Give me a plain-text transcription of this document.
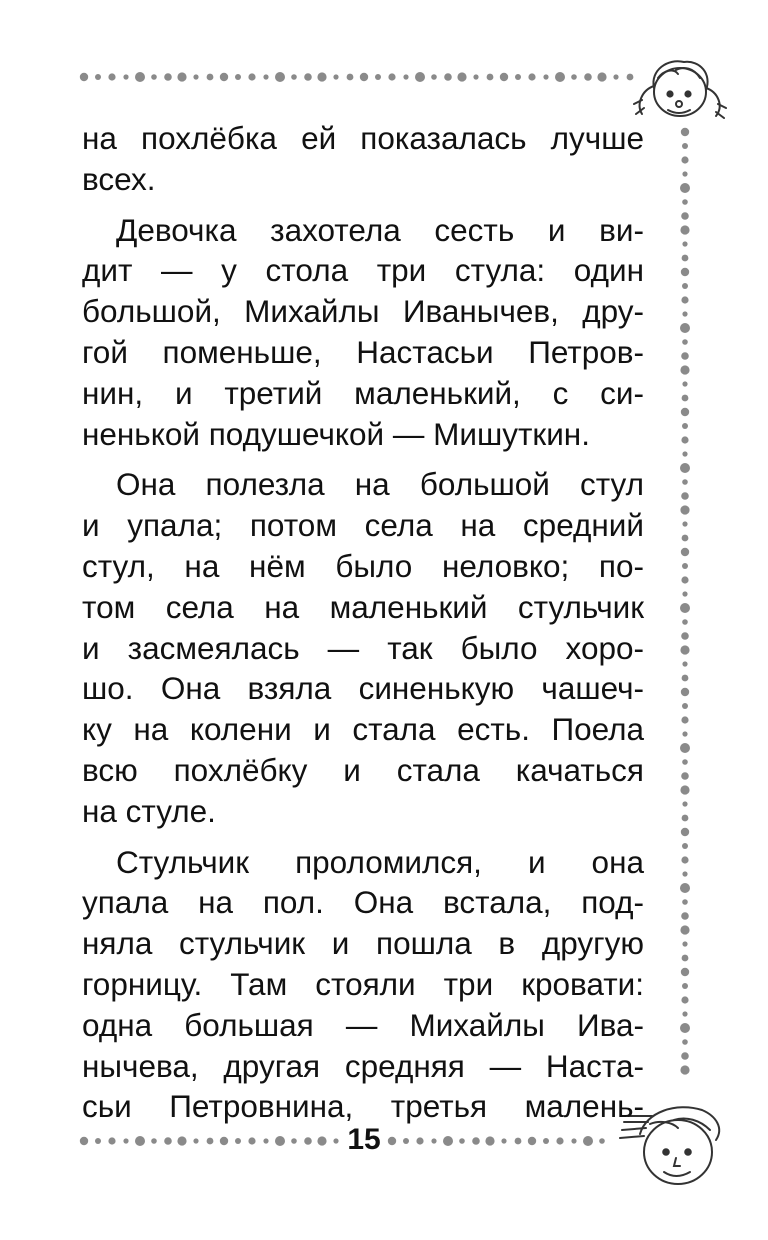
на похлёбка ей показалась лучше
всех.
Девочка захотела сесть и ви-
дит — у стола три стула: один
большой, Михайлы Иванычев, дру-
гой поменьше, Настасьи Петров-
нин, и третий маленький, с си-
ненькой подушечкой — Мишуткин.
Она полезла на большой стул
и упала; потом села на средний
стул, на нём было неловко; по-
том села на маленький стульчик
и засмеялась — так было хоро-
шо. Она взяла синенькую чашеч-
ку на колени и стала есть. Поела
всю похлёбку и стала качаться
на стуле.
Стульчик проломился, и она
упала на пол. Она встала, под-
няла стульчик и пошла в другую
горницу. Там стояли три кровати:
одна большая — Михайлы Ива-
нычева, другая средняя — Наста-
сьи Петровнина, третья малень-
15
